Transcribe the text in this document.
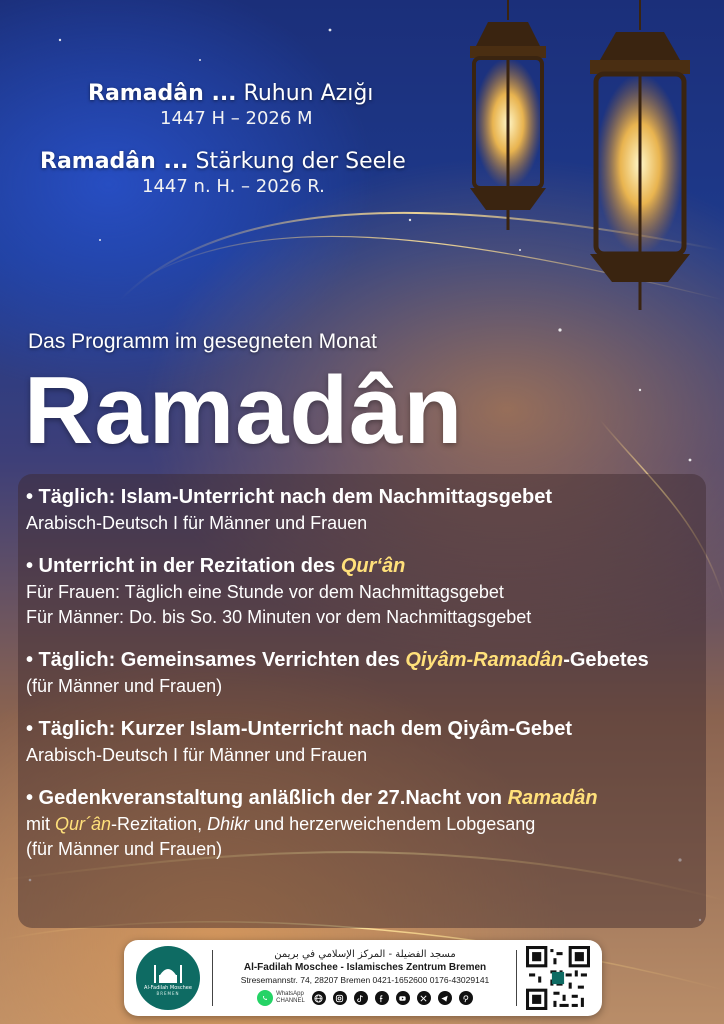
Ramadân ... Ruhun Azığı
1447 H – 2026 M
Ramadân ... Stärkung der Seele
1447 n. H. – 2026 R.
Das Programm im gesegneten Monat
Ramadân
• Täglich: Islam-Unterricht nach dem Nachmittagsgebet
Arabisch-Deutsch I für Männer und Frauen
• Unterricht in der Rezitation des Qur‘ân
Für Frauen: Täglich eine Stunde vor dem Nachmittagsgebet
Für Männer: Do. bis So. 30 Minuten vor dem Nachmittagsgebet
• Täglich: Gemeinsames Verrichten des Qiyâm-Ramadân-Gebetes
(für Männer und Frauen)
• Täglich: Kurzer Islam-Unterricht nach dem Qiyâm-Gebet
Arabisch-Deutsch I für Männer und Frauen
• Gedenkveranstaltung anläßlich der 27.Nacht von Ramadân
mit Qur´ân-Rezitation, Dhikr und herzerweichendem Lobgesang
(für Männer und Frauen)
Al-Fadilah Moschee
BREMEN
مسجد الفضيلة - المركز الإسلامي في بريمن
Al-Fadilah Moschee - Islamisches Zentrum Bremen
Stresemannstr. 74, 28207 Bremen 0421-1652600 0176-43029141
WhatsApp
CHANNEL
